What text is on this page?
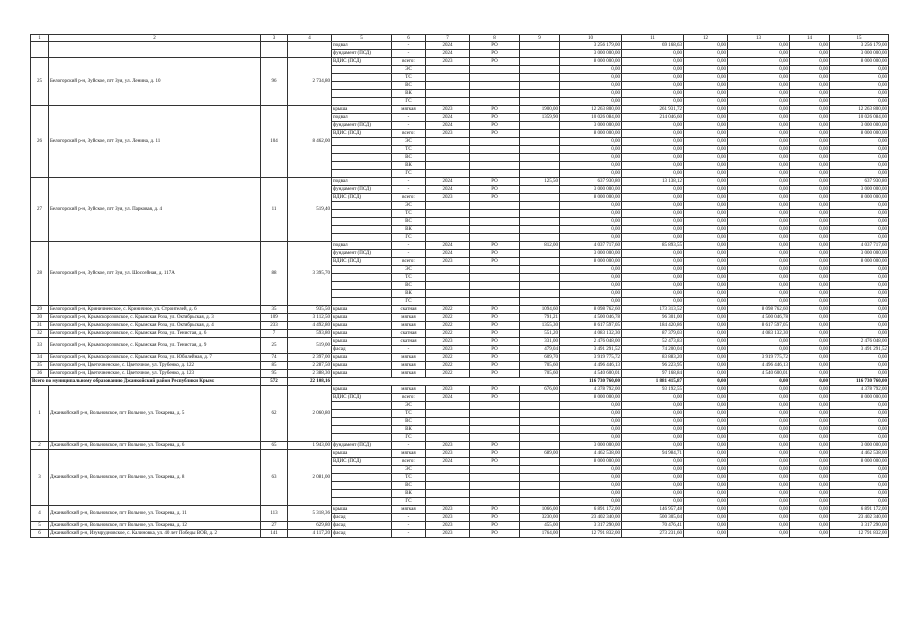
1	2	3	4	5	6	7	8	9	10	11	12	13	14	15
				подвал	-	2024	РО		3 256 179,00	69 168,63	0,00	0,00	0,00	3 256 179,00
				фундамент (ПСД)	-	2024	РО		3 000 000,00	0,00	0,00	0,00	0,00	3 000 000,00
25	Белогорский р-н, Зуйское, пгт Зуя, ул. Ленина, д. 10	96	2 734,80	ВДИС (ПСД)	всего:	2023	РО		8 000 000,00	0,00	0,00	0,00	0,00	8 000 000,00
					ЭС				0,00	0,00	0,00	0,00	0,00	0,00
					ТС				0,00	0,00	0,00	0,00	0,00	0,00
					ВС				0,00	0,00	0,00	0,00	0,00	0,00
					ВК				0,00	0,00	0,00	0,00	0,00	0,00
					ГС				0,00	0,00	0,00	0,00	0,00	0,00
26	Белогорский р-н, Зуйское, пгт Зуя, ул. Ленина, д. 11	104	8 462,00	крыша	мягкая	2023	РО	1900,00	12 263 800,00	261 931,72	0,00	0,00	0,00	12 263 800,00
				подвал	-	2024	РО	1359,90	10 026 084,00	214 046,60	0,00	0,00	0,00	10 026 084,00
				фундамент (ПСД)	-	2024	РО		3 000 000,00	0,00	0,00	0,00	0,00	3 000 000,00
				ВДИС (ПСД)	всего:	2023	РО		8 000 000,00	0,00	0,00	0,00	0,00	8 000 000,00
					ЭС				0,00	0,00	0,00	0,00	0,00	0,00
					ТС				0,00	0,00	0,00	0,00	0,00	0,00
					ВС				0,00	0,00	0,00	0,00	0,00	0,00
					ВК				0,00	0,00	0,00	0,00	0,00	0,00
					ГС				0,00	0,00	0,00	0,00	0,00	0,00
27	Белогорский р-н, Зуйское, пгт Зуя, ул. Парковая, д. 4	11	519,40	подвал	-	2024	РО	125,50	637 930,80	13 138,12	0,00	0,00	0,00	637 930,80
				фундамент (ПСД)	-	2024	РО		3 000 000,00	0,00	0,00	0,00	0,00	3 000 000,00
				ВДИС (ПСД)	всего:	2023	РО		8 000 000,00	0,00	0,00	0,00	0,00	8 000 000,00
					ЭС				0,00	0,00	0,00	0,00	0,00	0,00
					ТС				0,00	0,00	0,00	0,00	0,00	0,00
					ВС				0,00	0,00	0,00	0,00	0,00	0,00
					ВК				0,00	0,00	0,00	0,00	0,00	0,00
					ГС				0,00	0,00	0,00	0,00	0,00	0,00
28	Белогорский р-н, Зуйское, пгт Зуя, ул. Шоссейная, д. 117А	88	3 395,70	подвал	-	2024	РО	812,00	4 037 717,60	85 893,55	0,00	0,00	0,00	4 037 717,60
				фундамент (ПСД)	-	2024	РО		3 000 000,00	0,00	0,00	0,00	0,00	3 000 000,00
				ВДИС (ПСД)	всего:	2023	РО		8 000 000,00	0,00	0,00	0,00	0,00	8 000 000,00
					ЭС				0,00	0,00	0,00	0,00	0,00	0,00
					ТС				0,00	0,00	0,00	0,00	0,00	0,00
					ВС				0,00	0,00	0,00	0,00	0,00	0,00
					ВК				0,00	0,00	0,00	0,00	0,00	0,00
					ГС				0,00	0,00	0,00	0,00	0,00	0,00
29	Белогорский р-н, Криничненское, с. Криничное, ул. Строителей, д. 6	35	935,50	крыша	скатная	2022	РО	1094,60	8 098 762,60	173 313,52	0,00	8 098 762,60	0,00	0,00
30	Белогорский р-н, Крымскорозовское, с. Крымская Роза, ул. Октябрьская, д. 3	109	3 112,50	крыша	мягкая	2022	РО	791,21	4 500 046,78	96 301,00	0,00	4 500 046,78	0,00	0,00
31	Белогорский р-н, Крымскорозовское, с. Крымская Роза, ул. Октябрьская, д. 4	233	4 492,80	крыша	мягкая	2022	РО	1355,30	8 617 597,05	184 420,86	0,00	8 617 597,05	0,00	0,00
32	Белогорский р-н, Крымскорозовское, с. Крымская Роза, ул. Тенистая, д. 6	7	593,80	крыша	скатная	2022	РО	551,20	4 083 132,30	87 379,03	0,00	4 083 132,30	0,00	0,00
33	Белогорский р-н, Крымскорозовское, с. Крымская Роза, ул. Тенистая, д. 9	25	519,00	крыша	скатная	2023	РО	331,00	2 476 048,00	52 473,83	0,00	0,00	0,00	2 476 048,00
				фасад	-	2023	РО	479,04	3 491 291,52	74 200,04	0,00	0,00	0,00	3 491 291,52
34	Белогорский р-н, Крымскорозовское, с. Крымская Роза, ул. Юбилейная, д. 7	74	2 397,00	крыша	мягкая	2022	РО	609,70	3 919 775,72	83 883,20	0,00	3 919 775,72	0,00	0,00
35	Белогорский р-н, Цветочненское, с. Цветочное, ул. Трубенко, д. 122	85	2 287,50	крыша	мягкая	2022	РО	705,60	4 496 446,13	96 223,95	0,00	4 496 446,13	0,00	0,00
36	Белогорский р-н, Цветочненское, с. Цветочное, ул. Трубенко, д. 123	95	2 388,30	крыша	мягкая	2022	РО	705,60	4 540 600,01	97 168,84	0,00	4 540 600,01	0,00	0,00
Всего по муниципальному образованию Джанкойский район Республики Крым:		572	22 108,16						116 730 760,00	1 881 415,87	0,00	0,00	0,00	116 730 760,00
1	Джанкойский р-н, Вольновское, пгт Вольное, ул. Токарева, д. 5	62	2 060,80	крыша	мягкая	2023	РО	676,00	4 378 792,00	93 192,55	0,00	0,00	0,00	4 378 792,00
				ВДИС (ПСД)	всего:	2024	РО		8 000 000,00	0,00	0,00	0,00	0,00	8 000 000,00
					ЭС				0,00	0,00	0,00	0,00	0,00	0,00
					ТС				0,00	0,00	0,00	0,00	0,00	0,00
					ВС				0,00	0,00	0,00	0,00	0,00	0,00
					ВК				0,00	0,00	0,00	0,00	0,00	0,00
					ГС				0,00	0,00	0,00	0,00	0,00	0,00
2	Джанкойский р-н, Вольновское, пгт Вольное, ул. Токарева, д. 6	65	1 943,00	фундамент (ПСД)	-	2023	РО		3 000 000,00	0,00	0,00	0,00	0,00	3 000 000,00
3	Джанкойский р-н, Вольновское, пгт Вольное, ул. Токарева, д. 8	63	2 081,00	крыша	мягкая	2023	РО	689,00	4 462 538,00	94 984,71	0,00	0,00	0,00	4 462 538,00
				ВДИС (ПСД)	всего:	2024	РО		8 000 000,00	0,00	0,00	0,00	0,00	8 000 000,00
					ЭС				0,00	0,00	0,00	0,00	0,00	0,00
					ТС				0,00	0,00	0,00	0,00	0,00	0,00
					ВС				0,00	0,00	0,00	0,00	0,00	0,00
					ВК				0,00	0,00	0,00	0,00	0,00	0,00
					ГС				0,00	0,00	0,00	0,00	0,00	0,00
4	Джанкойский р-н, Вольновское, пгт Вольное, ул. Токарева, д. 11	113	5 318,36	крыша	мягкая	2023	РО	1066,00	6 891 172,00	146 957,48	0,00	0,00	0,00	6 891 172,00
				фасад	-	2023	РО	3230,00	23 402 340,00	500 305,04	0,00	0,00	0,00	23 402 340,00
5	Джанкойский р-н, Вольновское, пгт Вольное, ул. Токарева, д. 12	27	629,80	фасад	-	2023	РО	455,00	3 317 290,00	70 476,41	0,00	0,00	0,00	3 317 290,00
6	Джанкойский р-н, Изумрудновское, с. Калиновка, ул. 40 лет Победы ВОВ, д. 2	141	4 117,20	фасад	-	2023	РО	1764,00	12 791 832,00	273 231,60	0,00	0,00	0,00	12 791 832,00
